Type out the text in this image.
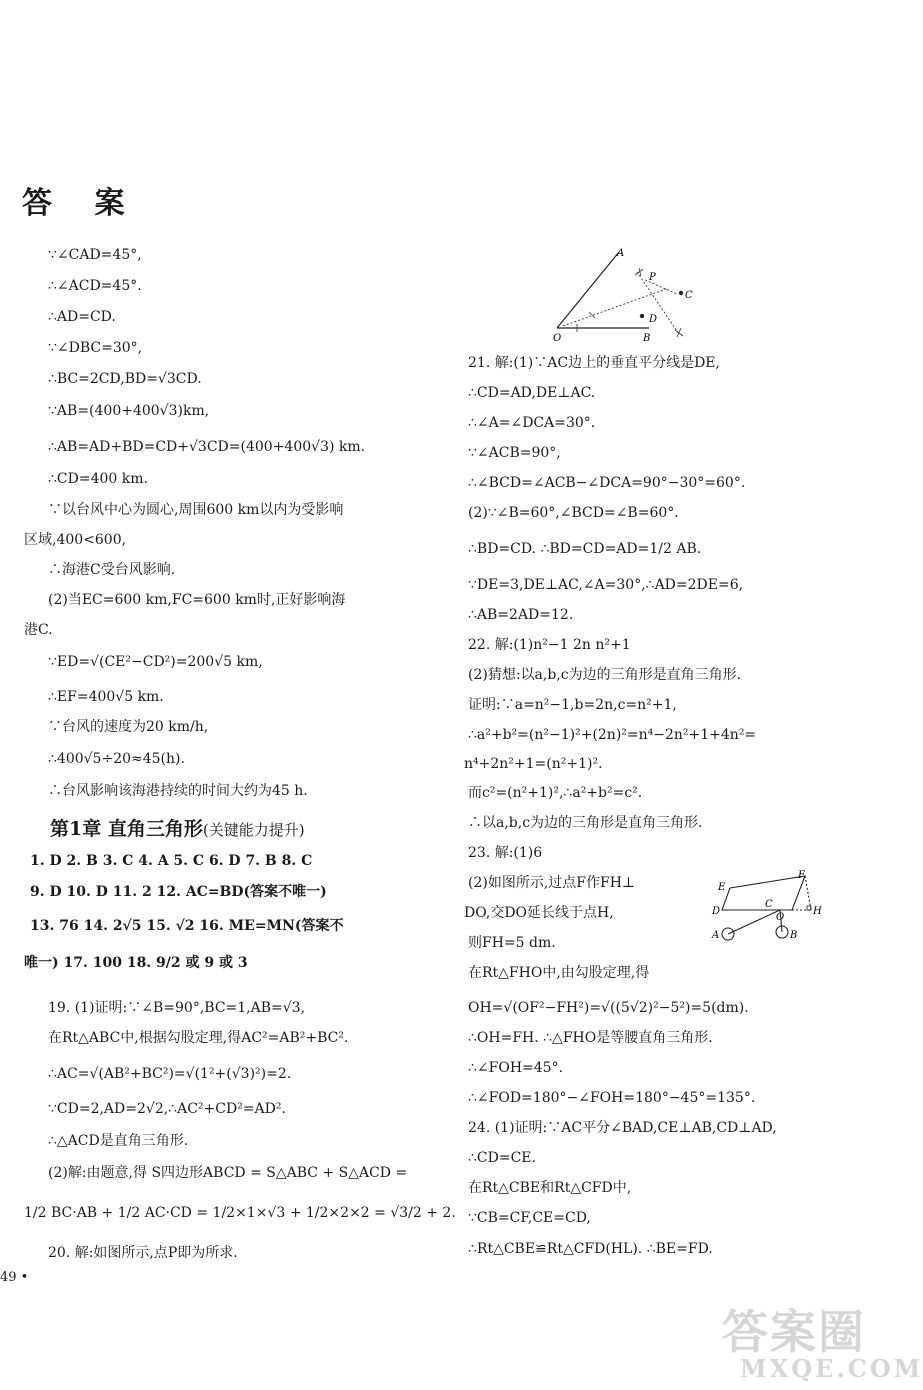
答 案
∵∠CAD=45°,
∴∠ACD=45°.
∴AD=CD.
∵∠DBC=30°,
∴BC=2CD,BD=√3CD.
∵AB=(400+400√3)km,
∴AB=AD+BD=CD+√3CD=(400+400√3) km.
∴CD=400 km.
∵以台风中心为圆心,周围600 km以内为受影响
区域,400<600,
∴海港C受台风影响.
(2)当EC=600 km,FC=600 km时,正好影响海
港C.
∵ED=√(CE²−CD²)=200√5 km,
∴EF=400√5 km.
∵台风的速度为20 km/h,
∴400√5÷20≈45(h).
∴台风影响该海港持续的时间大约为45 h.
1. D 2. B 3. C 4. A 5. C 6. D 7. B 8. C
9. D 10. D 11. 2 12. AC=BD(答案不唯一)
13. 76 14. 2√5 15. √2 16. ME=MN(答案不
唯一) 17. 100 18. 9/2 或 9 或 3
19. (1)证明:∵∠B=90°,BC=1,AB=√3,
在Rt△ABC中,根据勾股定理,得AC²=AB²+BC².
∴AC=√(AB²+BC²)=√(1²+(√3)²)=2.
∵CD=2,AD=2√2,∴AC²+CD²=AD².
∴△ACD是直角三角形.
(2)解:由题意,得 S四边形ABCD = S△ABC + S△ACD =
1/2 BC·AB + 1/2 AC·CD = 1/2×1×√3 + 1/2×2×2 = √3/2 + 2.
20. 解:如图所示,点P即为所求.
第1章 直角三角形(关键能力提升)
21. 解:(1)∵AC边上的垂直平分线是DE,
∴CD=AD,DE⊥AC.
∴∠A=∠DCA=30°.
∵∠ACB=90°,
∴∠BCD=∠ACB−∠DCA=90°−30°=60°.
(2)∵∠B=60°,∠BCD=∠B=60°.
∴BD=CD. ∴BD=CD=AD=1/2 AB.
∵DE=3,DE⊥AC,∠A=30°,∴AD=2DE=6,
∴AB=2AD=12.
22. 解:(1)n²−1 2n n²+1
(2)猜想:以a,b,c为边的三角形是直角三角形.
证明:∵a=n²−1,b=2n,c=n²+1,
∴a²+b²=(n²−1)²+(2n)²=n⁴−2n²+1+4n²=
n⁴+2n²+1=(n²+1)².
而c²=(n²+1)²,∴a²+b²=c².
∴以a,b,c为边的三角形是直角三角形.
23. 解:(1)6
(2)如图所示,过点F作FH⊥
DO,交DO延长线于点H,
则FH=5 dm.
在Rt△FHO中,由勾股定理,得
OH=√(OF²−FH²)=√((5√2)²−5²)=5(dm).
∴OH=FH. ∴△FHO是等腰直角三角形.
∴∠FOH=45°.
∴∠FOD=180°−∠FOH=180°−45°=135°.
24. (1)证明:∵AC平分∠BAD,CE⊥AB,CD⊥AD,
∴CD=CE.
在Rt△CBE和Rt△CFD中,
∵CB=CF,CE=CD,
∴Rt△CBE≌Rt△CFD(HL). ∴BE=FD.
A
P
C
D
O	B
E
F
D
C
O
H
A	B
49 •
答案圈
MXQE.COM
